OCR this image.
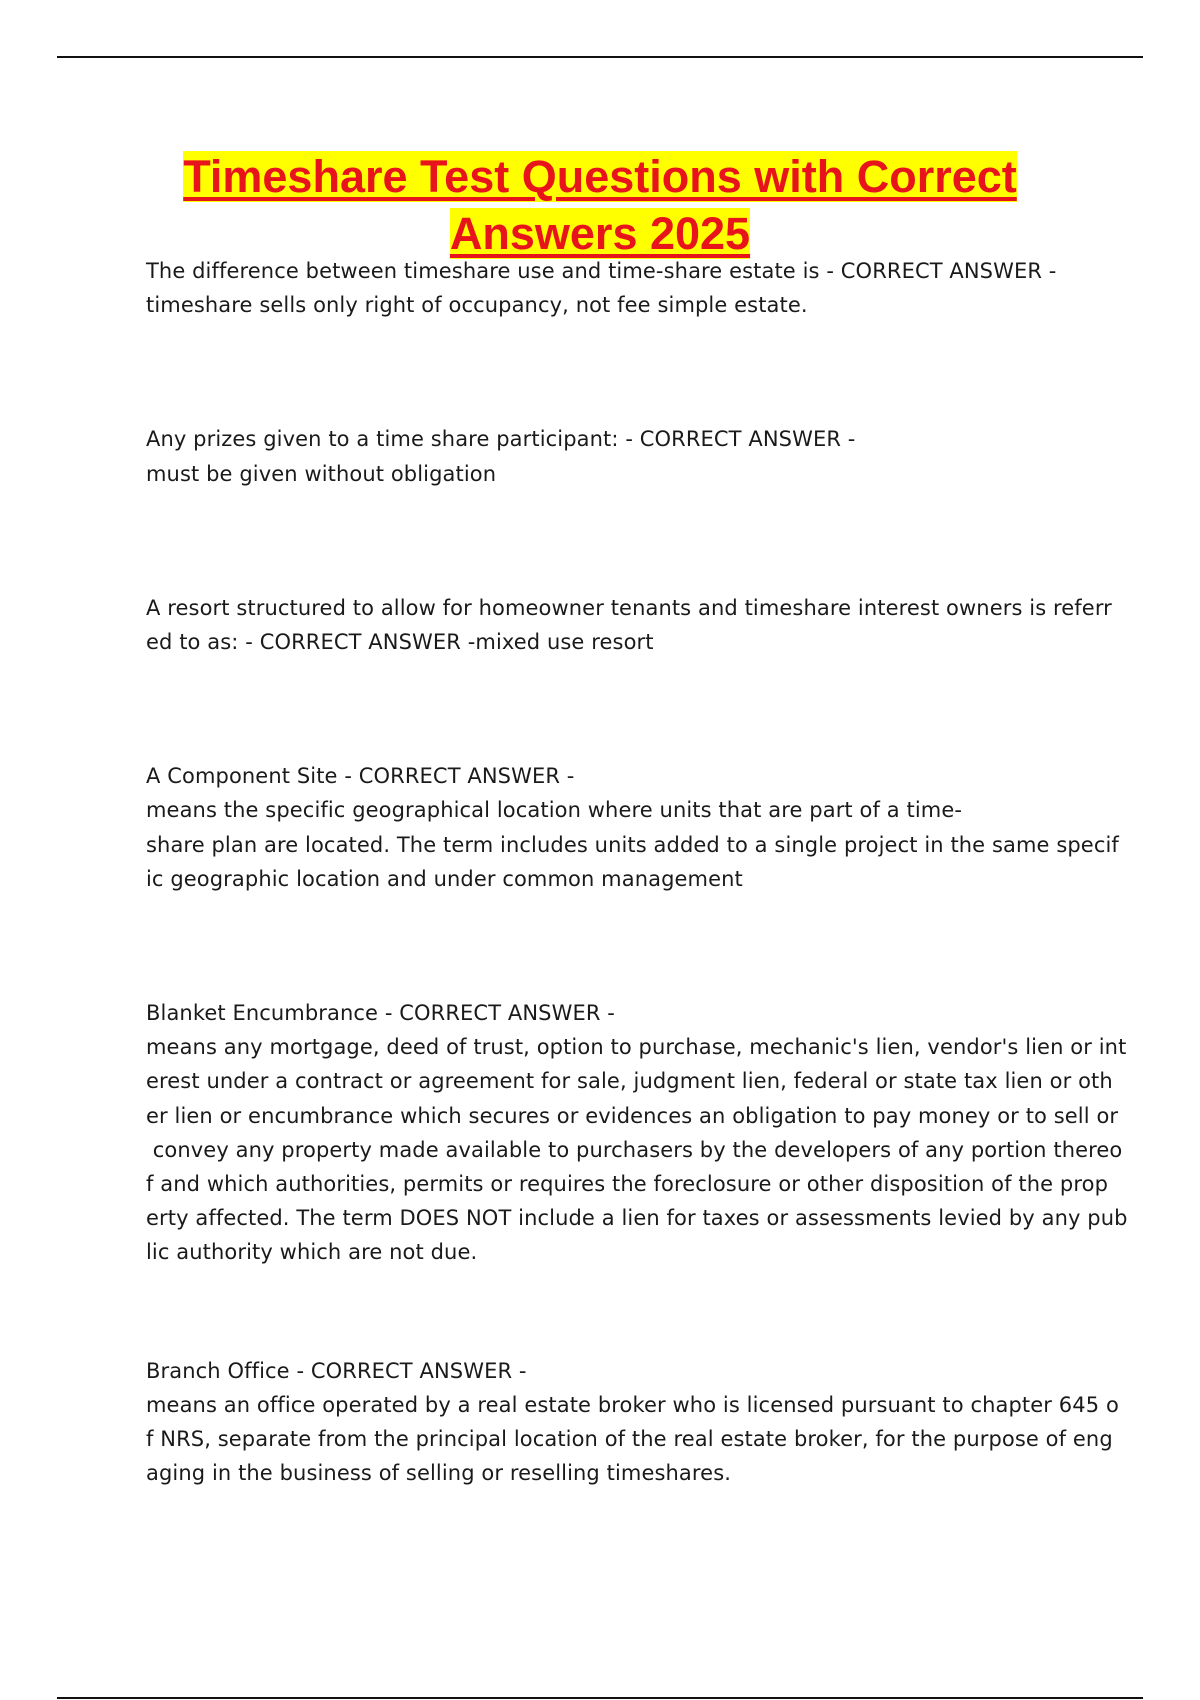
Timeshare Test Questions with Correct Answers 2025
The difference between timeshare use and time-share estate is - CORRECT ANSWER -
timeshare sells only right of occupancy, not fee simple estate.
Any prizes given to a time share participant: - CORRECT ANSWER -
must be given without obligation
A resort structured to allow for homeowner tenants and timeshare interest owners is referr
ed to as: - CORRECT ANSWER -mixed use resort
A Component Site - CORRECT ANSWER -
means the specific geographical location where units that are part of a time-
share plan are located. The term includes units added to a single project in the same specif
ic geographic location and under common management
Blanket Encumbrance - CORRECT ANSWER -
means any mortgage, deed of trust, option to purchase, mechanic's lien, vendor's lien or int
erest under a contract or agreement for sale, judgment lien, federal or state tax lien or oth
er lien or encumbrance which secures or evidences an obligation to pay money or to sell or
convey any property made available to purchasers by the developers of any portion thereo
f and which authorities, permits or requires the foreclosure or other disposition of the prop
erty affected. The term DOES NOT include a lien for taxes or assessments levied by any pub
lic authority which are not due.
Branch Office - CORRECT ANSWER -
means an office operated by a real estate broker who is licensed pursuant to chapter 645 o
f NRS, separate from the principal location of the real estate broker, for the purpose of eng
aging in the business of selling or reselling timeshares.
